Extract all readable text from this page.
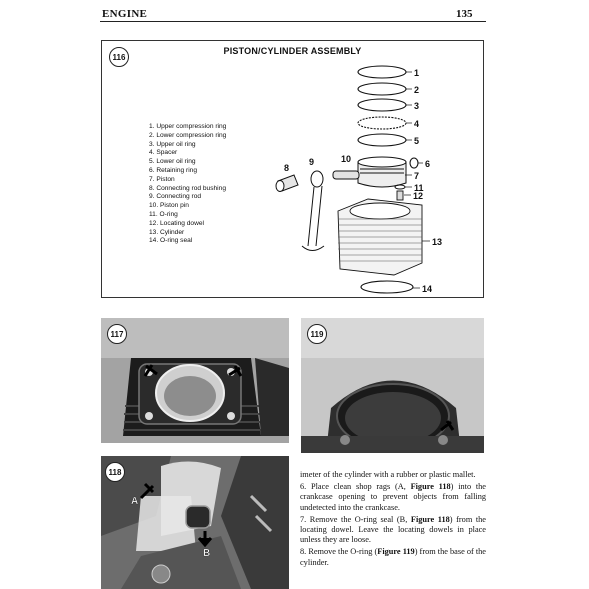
ENGINE	135
1
2
3
4
5
6
7
8
9	10
11
12
13
14
116
PISTON/CYLINDER ASSEMBLY
1. Upper compression ring
2. Lower compression ring
3. Upper oil ring
4. Spacer
5. Lower oil ring
6. Retaining ring
7. Piston
8. Connecting rod bushing
9. Connecting rod
10. Piston pin
11. O-ring
12. Locating dowel
13. Cylinder
14. O-ring seal
117	119
A
B
118	imeter of the cylinder with a rubber or plastic mallet.

6. Place clean shop rags (A, Figure 118) into the crankcase opening to prevent objects from falling undetected into the crankcase.

7. Remove the O-ring seal (B, Figure 118) from the locating dowel. Leave the locating dowels in place unless they are loose.

8. Remove the O-ring (Figure 119) from the base of the cylinder.
